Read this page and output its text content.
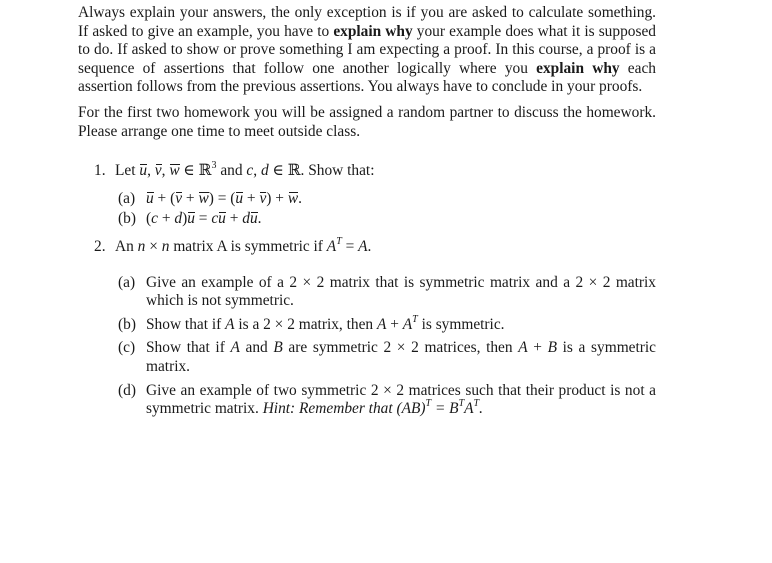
Always explain your answers, the only exception is if you are asked to calculate something. If asked to give an example, you have to explain why your example does what it is supposed to do. If asked to show or prove something I am expecting a proof. In this course, a proof is a sequence of assertions that follow one another logically where you explain why each assertion follows from the previous assertions. You always have to conclude in your proofs.

For the first two homework you will be assigned a random partner to discuss the homework. Please arrange one time to meet outside class.

1. Let u, v, w ∈ ℝ$^3$ and c, d ∈ ℝ. Show that:
(a) u + (v + w) = (u + v) + w.
(b) (c + d)u = cu + du.
2. An n × n matrix A is symmetric if $A^T = A$.
(a) Give an example of a 2 × 2 matrix that is symmetric matrix and a 2 × 2 matrix which is not symmetric.
(b) Show that if A is a 2 × 2 matrix, then $A + A^T$ is symmetric.
(c) Show that if A and B are symmetric 2 × 2 matrices, then A + B is a symmetric matrix.
(d) Give an example of two symmetric 2 × 2 matrices such that their product is not a symmetric matrix. Hint: Remember that $(AB)^T = B^TA^T$.
